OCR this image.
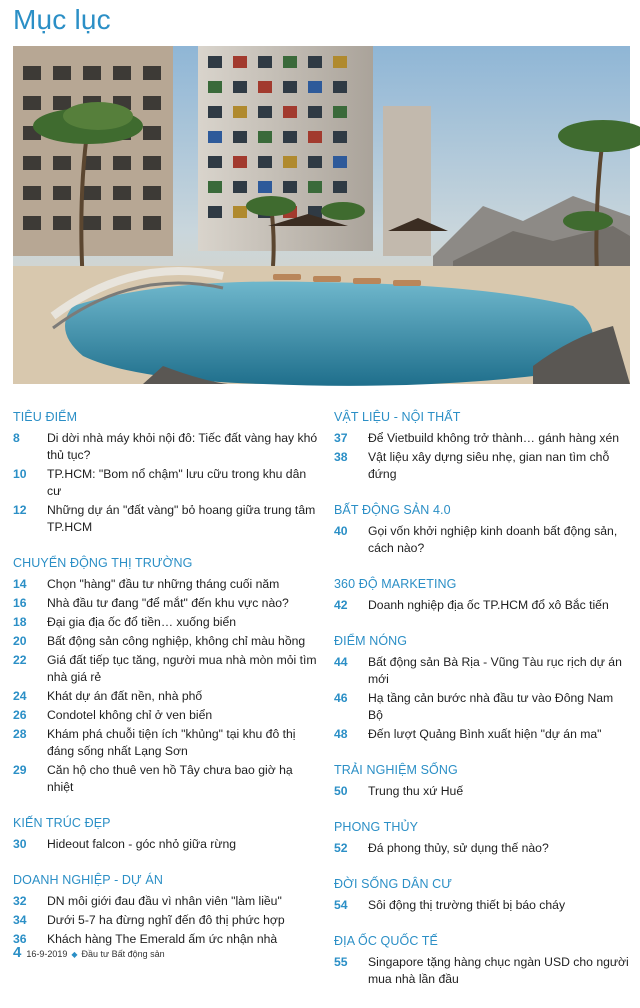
Mục lục
TIÊU ĐIỂM
8	Di dời nhà máy khỏi nội đô: Tiếc đất vàng hay khó thủ tục?
10	TP.HCM: "Bom nổ chậm" lưu cữu trong khu dân cư
12	Những dự án "đất vàng" bỏ hoang giữa trung tâm TP.HCM
CHUYỂN ĐỘNG THỊ TRƯỜNG
14	Chọn "hàng" đầu tư những tháng cuối năm
16	Nhà đầu tư đang "để mắt" đến khu vực nào?
18	Đại gia địa ốc đổ tiền… xuống biển
20	Bất động sản công nghiệp, không chỉ màu hồng
22	Giá đất tiếp tục tăng, người mua nhà mòn mỏi tìm nhà giá rẻ
24	Khát dự án đất nền, nhà phố
26	Condotel không chỉ ở ven biển
28	Khám phá chuỗi tiện ích "khủng" tại khu đô thị đáng sống nhất Lạng Sơn
29	Căn hộ cho thuê ven hồ Tây chưa bao giờ hạ nhiệt
KIẾN TRÚC ĐẸP
30	Hideout falcon - góc nhỏ giữa rừng
DOANH NGHIỆP - DỰ ÁN
32	DN môi giới đau đầu vì nhân viên "làm liều"
34	Dưới 5-7 ha đừng nghĩ đến đô thị phức hợp
36	Khách hàng The Emerald ấm ức nhận nhà
VẬT LIỆU - NỘI THẤT
37	Để Vietbuild không trở thành… gánh hàng xén
38	Vật liệu xây dựng siêu nhẹ, gian nan tìm chỗ đứng
BẤT ĐỘNG SẢN 4.0
40	Gọi vốn khởi nghiệp kinh doanh bất động sản, cách nào?
360 ĐỘ MARKETING
42	Doanh nghiệp địa ốc TP.HCM đổ xô Bắc tiến
ĐIỂM NÓNG
44	Bất động sản Bà Rịa - Vũng Tàu rục rịch dự án mới
46	Hạ tầng cản bước nhà đầu tư vào Đông Nam Bộ
48	Đến lượt Quảng Bình xuất hiện "dự án ma"
TRẢI NGHIỆM SỐNG
50	Trung thu xứ Huế
PHONG THỦY
52	Đá phong thủy, sử dụng thế nào?
ĐỜI SỐNG DÂN CƯ
54	Sôi động thị trường thiết bị báo cháy
ĐỊA ỐC QUỐC TẾ
55	Singapore tặng hàng chục ngàn USD cho người mua nhà lần đầu
4 16-9-2019 ◆ Đầu tư Bất động sản
